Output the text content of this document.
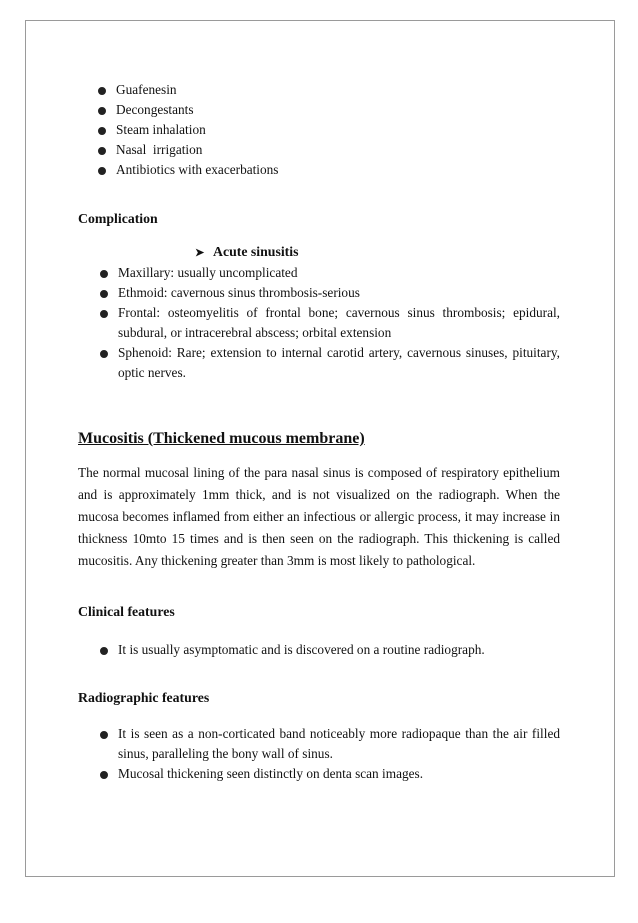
Guafenesin
Decongestants
Steam inhalation
Nasal  irrigation
Antibiotics with exacerbations
Complication
➤ Acute sinusitis
Maxillary: usually uncomplicated
Ethmoid: cavernous sinus thrombosis-serious
Frontal: osteomyelitis of frontal bone; cavernous sinus thrombosis; epidural, subdural, or intracerebral abscess; orbital extension
Sphenoid: Rare; extension to internal carotid artery, cavernous sinuses, pituitary, optic nerves.
Mucositis (Thickened mucous membrane)

The normal mucosal lining of the para nasal sinus is composed of respiratory epithelium and is approximately 1mm thick, and is not visualized on the radiograph. When the mucosa becomes inflamed from either an infectious or allergic process, it may increase in thickness 10mto 15 times and is then seen on the radiograph. This thickening is called mucositis. Any thickening greater than 3mm is most likely to pathological.

Clinical features
It is usually asymptomatic and is discovered on a routine radiograph.
Radiographic features
It is seen as a non-corticated band noticeably more radiopaque than the air filled sinus, paralleling the bony wall of sinus.
Mucosal thickening seen distinctly on denta scan images.
